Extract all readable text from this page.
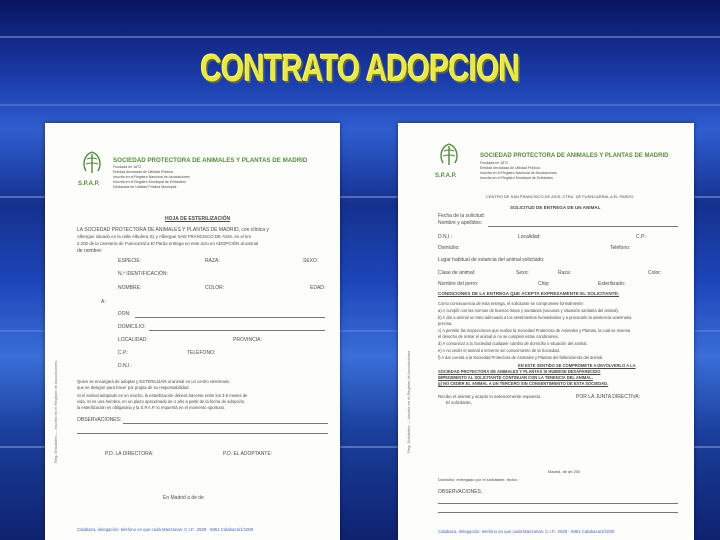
CONTRATO ADOPCION
S.P.A.P.
SOCIEDAD PROTECTORA DE ANIMALES Y PLANTAS DE MADRID
Fundada en 1872
Entidad declarada de Utilidad Pública
Inscrita en el Registro Nacional de Asociaciones
Inscrita en el Registro Municipal de Entidades
Declarada de Utilidad Pública Municipal
Reg. Entidades — Inscrita en el Registro de Asociaciones
HOJA DE ESTERILIZACIÓN
LA SOCIEDAD PROTECTORA DE ANIMALES Y PLANTAS DE MADRID, con clínica y
Albergue situado en la calle Albufera 31 y Albergue SAN FRANCISCO DE ASIS, en el km
2.200 de la carretera de Fuencarral a El Pardo entrega en este acto en ADOPCIÓN al animal
de nombre:
ESPECIE:	RAZA:	SEXO:
N.º IDENTIFICACIÓN:
NOMBRE:	COLOR:	EDAD:
A:
DON:
DOMICILIO:
LOCALIDAD:	PROVINCIA:
C.P.:	TELÉFONO:
D.N.I.:
Quien se encargará de adoptar y ESTERILIZAR al animal en un centro veterinario
que se designe para hacer por propia de su responsabilidad.
Si el animal adoptado es un macho, la esterilización deberá hacerse entre los 3-5 meses de
vida. Si es una hembra, en un plazo aproximado de 1 año a partir de la fecha de adopción,
la esterilización es obligatoria y la S.P.A.P. lo requerirá en el momento oportuno.
OBSERVACIONES:
P.D. LA DIRECTORA:	P.D. EL ADOPTANTE:
En Madrid a de de
Calabaza, delegación: telefono en que cada Manzanas; C.I.F.: 2828 - 5851 Calabaza/1/1000
S.P.A.P.
SOCIEDAD PROTECTORA DE ANIMALES Y PLANTAS DE MADRID
Fundada en 1872
Entidad declarada de Utilidad Pública
Inscrita en el Registro Nacional de Asociaciones
Inscrita en el Registro Municipal de Entidades
CENTRO DE SAN FRANCISCO DE ASIS: CTRA. DE FUENCARRAL A EL PARDO
Reg. Entidades — Inscrita en el Registro de Asociaciones
SOLICITUD DE ENTREGA DE UN ANIMAL
Fecha de la solicitud:
Nombre y apellidos:
D.N.I.:	Localidad:	C.P.:
Domicilio:	Teléfono:
Lugar habitual de estancia del animal solicitado:
Clase de animal:	Sexo:	Raza:	Color:
Nombre del perro:	Chip:	Esterilizado:
CONDICIONES DE LA ENTREGA QUE ACEPTA EXPRESAMENTE EL SOLICITANTE:
Como consecuencia de esta entrega, el solicitante se compromete formalmente:
a) A cumplir con las normas de buenos tratos y sanitarias (vacunas y situación sanitaria del animal).
b) A dar a animal un trato adecuado a los sentimientos humanitarios y a procurarle la asistencia veterinaria
precisa.
c) A permitir las inspecciones que realice la Sociedad Protectora de Animales y Plantas, la cual se reserva
el derecho de retirar el animal si no se cumplen estas condiciones.
d) A comunicar a la Sociedad cualquier cambio de domicilio o situación del animal.
e) A no ceder el animal a terceros sin conocimiento de la Sociedad.
f) A dar cuenta a la Sociedad Protectora de Animales y Plantas del fallecimiento del animal.
EN ESTE SENTIDO SE COMPROMETE A DEVOLVERLO A LA
SOCIEDAD PROTECTORA DE ANIMALES Y PLANTAS SI HUBIESE DESAPARECIDO
IMPEDIMENTO AL SOLICITANTE CONTINUAR CON LA TENENCIA DEL ANIMAL.
g) NO CEDER EL ANIMAL A UN TERCERO SIN CONSENTIMIENTO DE ESTA SOCIEDAD.
Recibo el animal y acepto lo anteriormente expuesto.
El solicitante,
POR LA JUNTA DIRECTIVA:
Madrid, de de 200
Domicilio: entregado por el solicitante, fecha:
OBSERVACIONES:
Calabaza, delegación: telefono en que cada Manzanas; C.I.F.: 2828 - 5851 Calabaza/1/1000
